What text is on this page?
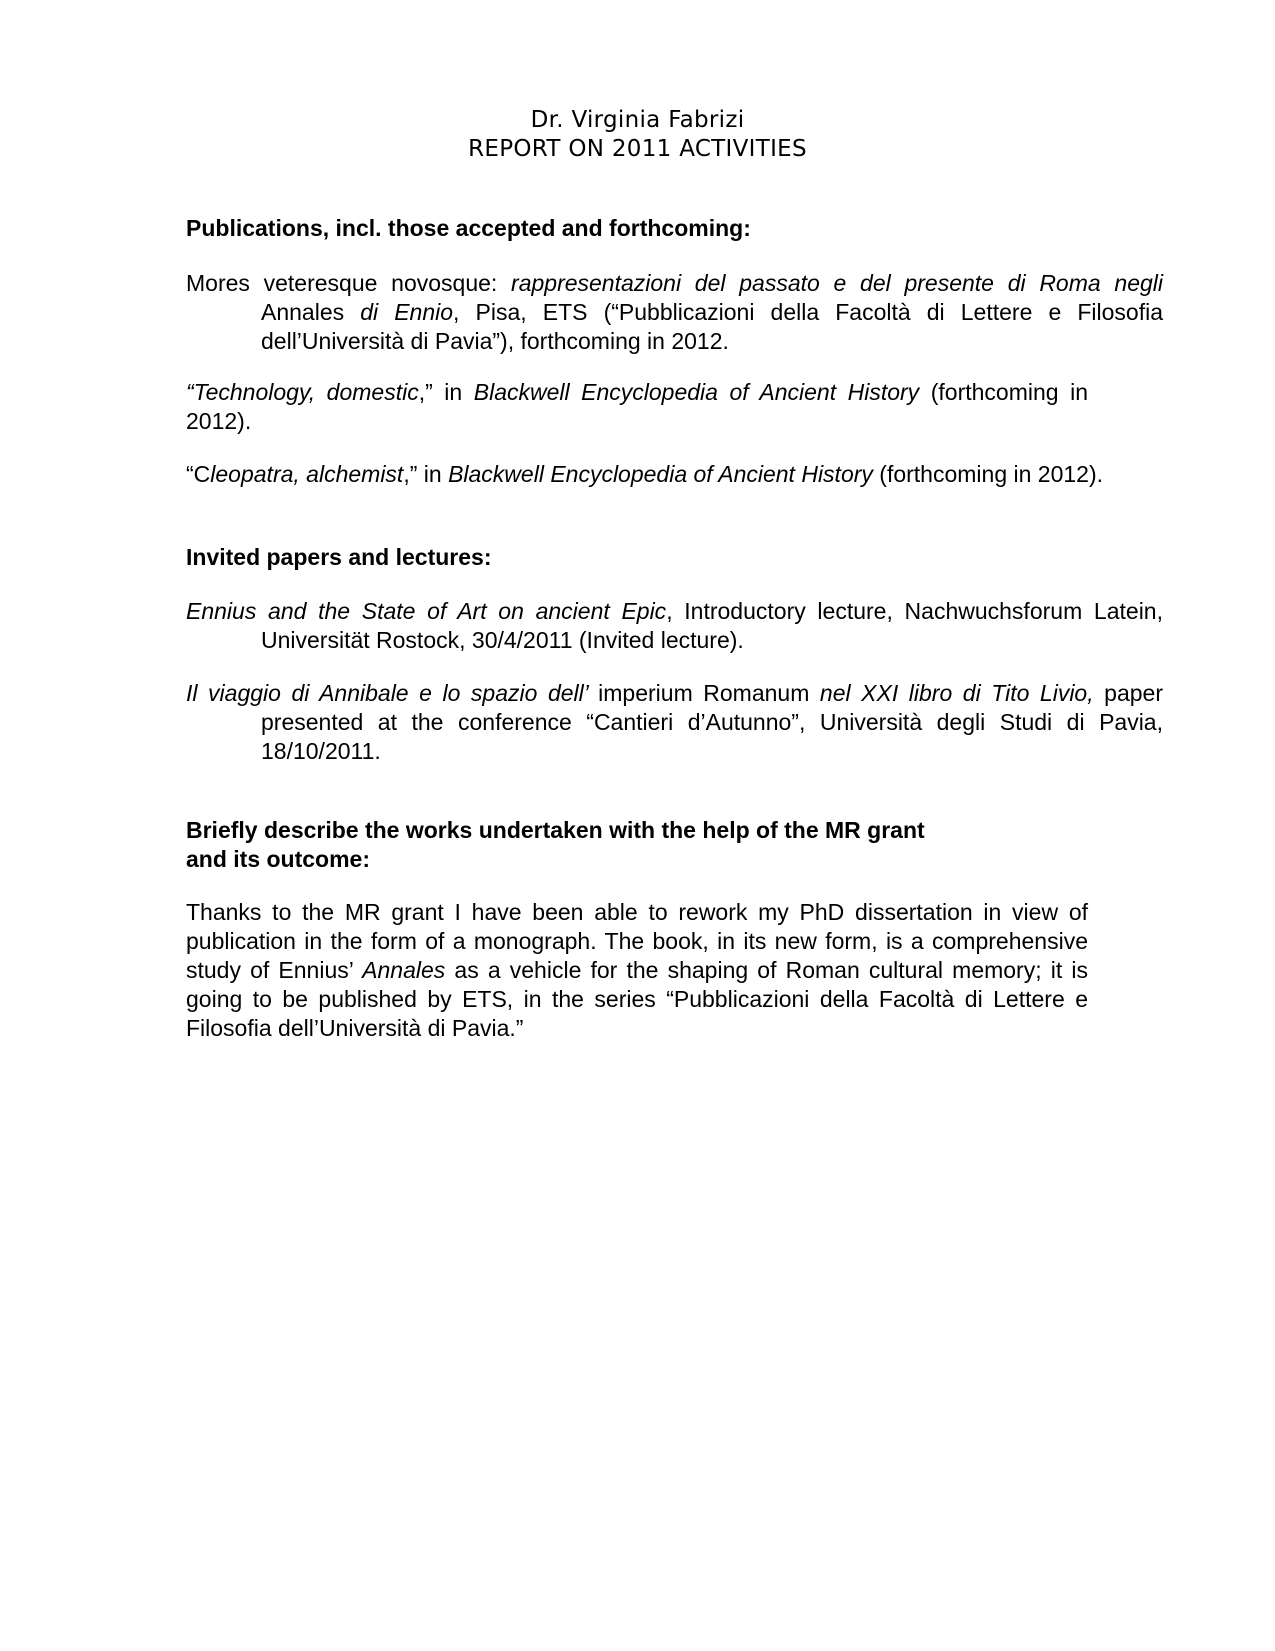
Dr. Virginia Fabrizi
REPORT ON 2011 ACTIVITIES
Publications, incl. those accepted and forthcoming:
Mores veteresque novosque: rappresentazioni del passato e del presente di Roma negli Annales di Ennio, Pisa, ETS (“Pubblicazioni della Facoltà di Lettere e Filosofia dell’Università di Pavia”), forthcoming in 2012.
“Technology, domestic,” in Blackwell Encyclopedia of Ancient History (forthcoming in 2012).
“Cleopatra, alchemist,” in Blackwell Encyclopedia of Ancient History (forthcoming in 2012).
Invited papers and lectures:
Ennius and the State of Art on ancient Epic, Introductory lecture, Nachwuchsforum Latein, Universität Rostock, 30/4/2011 (Invited lecture).
Il viaggio di Annibale e lo spazio dell’ imperium Romanum nel XXI libro di Tito Livio, paper presented at the conference “Cantieri d’Autunno”, Università degli Studi di Pavia, 18/10/2011.
Briefly describe the works undertaken with the help of the MR grant
and its outcome:
Thanks to the MR grant I have been able to rework my PhD dissertation in view of publication in the form of a monograph. The book, in its new form, is a comprehensive study of Ennius’ Annales as a vehicle for the shaping of Roman cultural memory; it is going to be published by ETS, in the series “Pubblicazioni della Facoltà di Lettere e Filosofia dell’Università di Pavia.”
